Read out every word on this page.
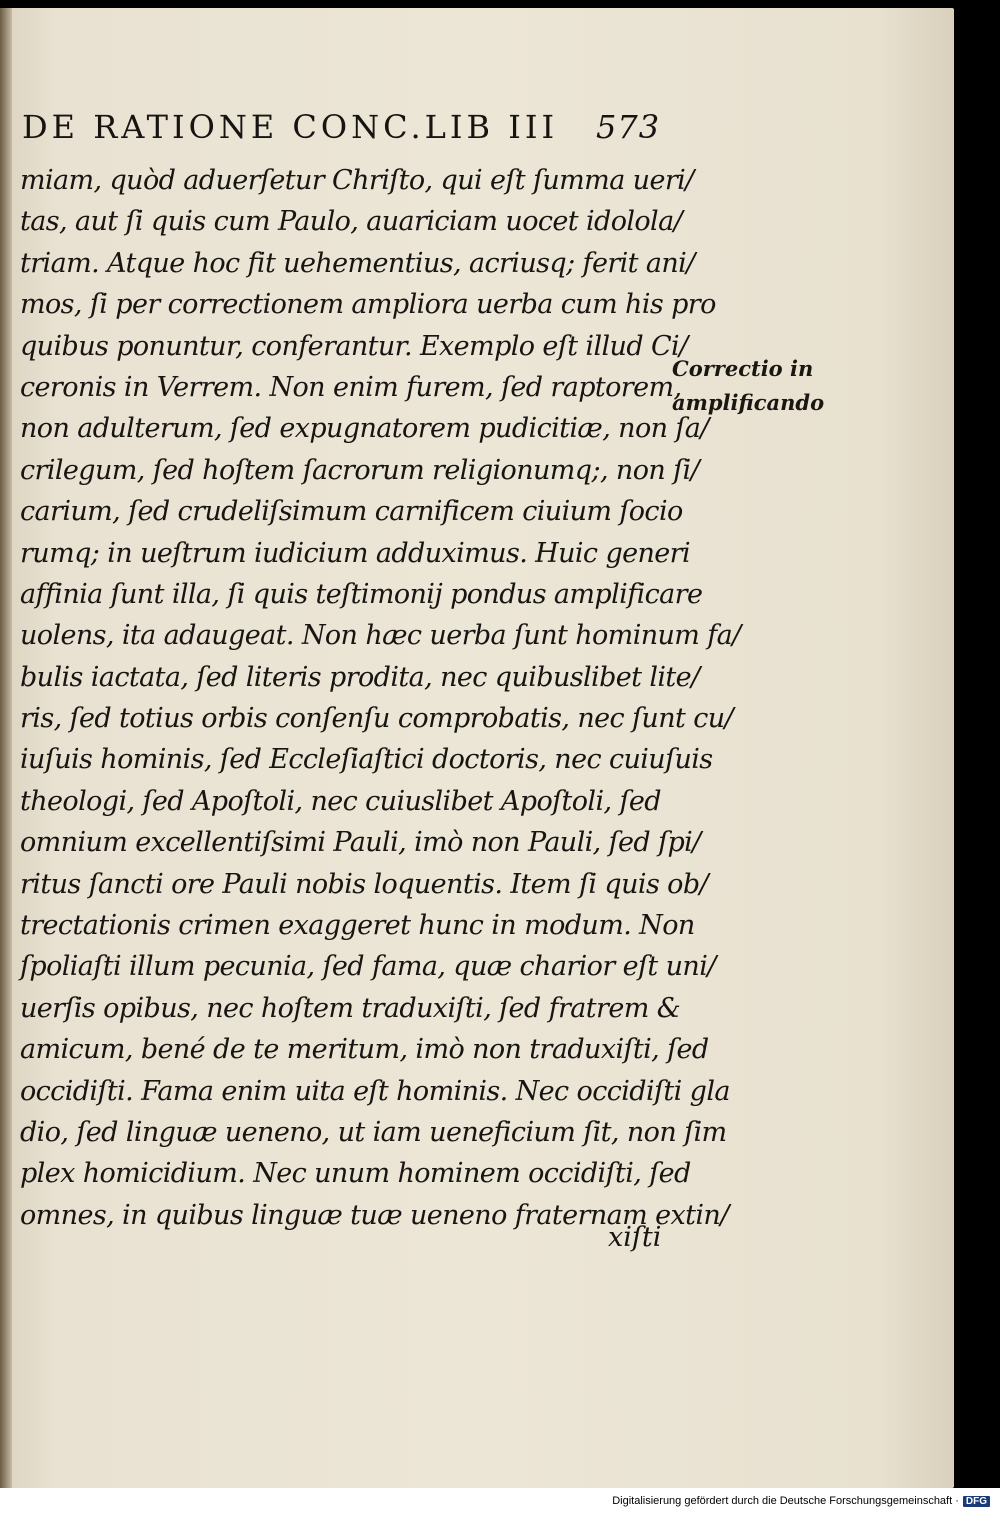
DE RATIONE CONC.LIB III	573
miam, quòd aduerſetur Chriſto, qui eſt ſumma ueri/
tas, aut ſi quis cum Paulo, auariciam uocet idolola/
triam. Atque hoc fit uehementius, acriusq; ferit ani/
mos, ſi per correctionem ampliora uerba cum his pro
quibus ponuntur, conferantur. Exemplo eſt illud Ci/
ceronis in Verrem. Non enim furem, ſed raptorem,
non adulterum, ſed expugnatorem pudicitiæ, non ſa/
crilegum, ſed hoſtem ſacrorum religionumq;, non ſi/
carium, ſed crudeliſsimum carnificem ciuium ſocio
rumq; in ueſtrum iudicium adduximus. Huic generi
affinia ſunt illa, ſi quis teſtimonij pondus amplificare
uolens, ita adaugeat. Non hæc uerba ſunt hominum fa/
bulis iactata, ſed literis prodita, nec quibuslibet lite/
ris, ſed totius orbis conſenſu comprobatis, nec ſunt cu/
iuſuis hominis, ſed Eccleſiaſtici doctoris, nec cuiuſuis
theologi, ſed Apoſtoli, nec cuiuslibet Apoſtoli, ſed
omnium excellentiſsimi Pauli, imò non Pauli, ſed ſpi/
ritus ſancti ore Pauli nobis loquentis. Item ſi quis ob/
trectationis crimen exaggeret hunc in modum. Non
ſpoliaſti illum pecunia, ſed fama, quæ charior eſt uni/
uerſis opibus, nec hoſtem traduxiſti, ſed fratrem &
amicum, bené de te meritum, imò non traduxiſti, ſed
occidiſti. Fama enim uita eſt hominis. Nec occidiſti gla
dio, ſed linguæ ueneno, ut iam ueneficium ſit, non ſim
plex homicidium. Nec unum hominem occidiſti, ſed
omnes, in quibus linguæ tuæ ueneno fraternam extin/
xiſti
Correctio in
amplificando
Digitalisierung gefördert durch die Deutsche Forschungsgemeinschaft · DFG
